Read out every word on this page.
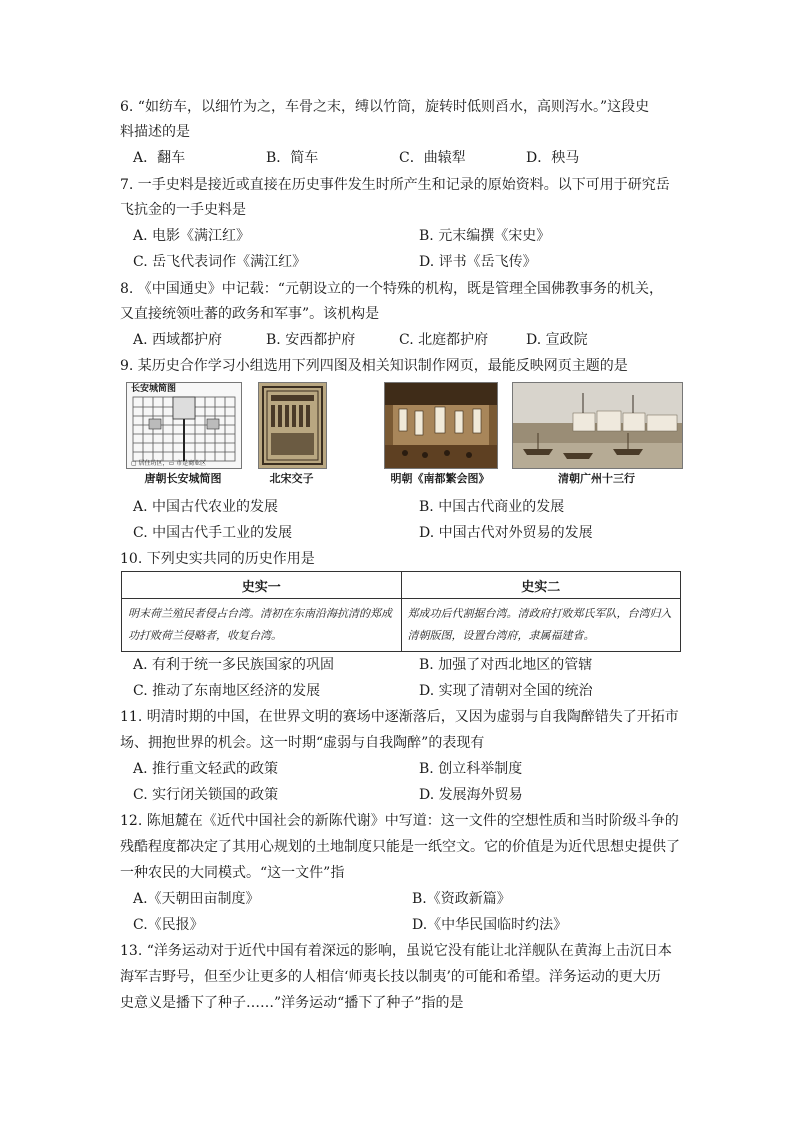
6. “如纺车，以细竹为之，车骨之末，缚以竹筒，旋转时低则舀水，高则泻水。”这段史
料描述的是
A．翻车	B．简车	C．曲辕犁	D．秧马
7. 一手史料是接近或直接在历史事件发生时所产生和记录的原始资料。以下可用于研究岳
飞抗金的一手史料是
A. 电影《满江红》	B. 元末编撰《宋史》
C. 岳飞代表词作《满江红》	D. 评书《岳飞传》
8. 《中国通史》中记载：“元朝设立的一个特殊的机构，既是管理全国佛教事务的机关，
又直接统领吐蕃的政务和军事”。该机构是
A. 西域都护府	B. 安西都护府	C. 北庭都护府	D. 宣政院
9. 某历史合作学习小组选用下列四图及相关知识制作网页，最能反映网页主题的是
长安城简图
▢ 居住坊区，▭ 市是商业区
唐朝长安城简图	北宋交子	明朝《南都繁会图》	清朝广州十三行
A. 中国古代农业的发展	B. 中国古代商业的发展
C. 中国古代手工业的发展	D. 中国古代对外贸易的发展
10. 下列史实共同的历史作用是
史实一	史实二
明末荷兰殖民者侵占台湾。清初在东南沿海抗清的郑成功打败荷兰侵略者，收复台湾。	郑成功后代割据台湾。清政府打败郑氏军队，台湾归入清朝版图，设置台湾府，隶属福建省。
A. 有利于统一多民族国家的巩固	B. 加强了对西北地区的管辖
C. 推动了东南地区经济的发展	D. 实现了清朝对全国的统治
11. 明清时期的中国，在世界文明的赛场中逐渐落后，又因为虚弱与自我陶醉错失了开拓市
场、拥抱世界的机会。这一时期“虚弱与自我陶醉”的表现有
A. 推行重文轻武的政策	B. 创立科举制度
C. 实行闭关锁国的政策	D. 发展海外贸易
12. 陈旭麓在《近代中国社会的新陈代谢》中写道：这一文件的空想性质和当时阶级斗争的
残酷程度都决定了其用心规划的土地制度只能是一纸空文。它的价值是为近代思想史提供了
一种农民的大同模式。“这一文件”指
A.《天朝田亩制度》	B.《资政新篇》
C.《民报》	D.《中华民国临时约法》
13. “洋务运动对于近代中国有着深远的影响，虽说它没有能让北洋舰队在黄海上击沉日本
海军吉野号，但至少让更多的人相信‘师夷长技以制夷’的可能和希望。洋务运动的更大历
史意义是播下了种子……”洋务运动“播下了种子”指的是
